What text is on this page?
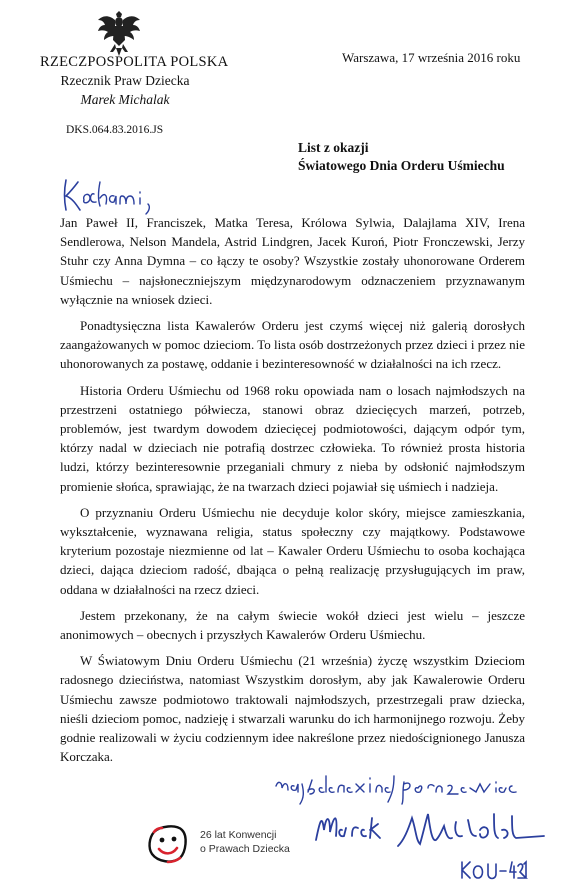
RZECZPOSPOLITA POLSKA
Rzecznik Praw Dziecka
Marek Michalak
DKS.064.83.2016.JS
Warszawa, 17 września 2016 roku
List z okazji
Światowego Dnia Orderu Uśmiechu

Jan Paweł II, Franciszek, Matka Teresa, Królowa Sylwia, Dalajlama XIV, Irena Sendlerowa, Nelson Mandela, Astrid Lindgren, Jacek Kuroń, Piotr Fronczewski, Jerzy Stuhr czy Anna Dymna – co łączy te osoby? Wszystkie zostały uhonorowane Orderem Uśmiechu – najsłoneczniejszym międzynarodowym odznaczeniem przyznawanym wyłącznie na wniosek dzieci.

Ponadtysięczna lista Kawalerów Orderu jest czymś więcej niż galerią dorosłych zaangażowanych w pomoc dzieciom. To lista osób dostrzeżonych przez dzieci i przez nie uhonorowanych za postawę, oddanie i bezinteresowność w działalności na ich rzecz.

Historia Orderu Uśmiechu od 1968 roku opowiada nam o losach najmłodszych na przestrzeni ostatniego półwiecza, stanowi obraz dziecięcych marzeń, potrzeb, problemów, jest twardym dowodem dziecięcej podmiotowości, dającym odpór tym, którzy nadal w dzieciach nie potrafią dostrzec człowieka. To również prosta historia ludzi, którzy bezinteresownie przeganiali chmury z nieba by odsłonić najmłodszym promienie słońca, sprawiając, że na twarzach dzieci pojawiał się uśmiech i nadzieja.

O przyznaniu Orderu Uśmiechu nie decyduje kolor skóry, miejsce zamieszkania, wykształcenie, wyznawana religia, status społeczny czy majątkowy. Podstawowe kryterium pozostaje niezmienne od lat – Kawaler Orderu Uśmiechu to osoba kochająca dzieci, dająca dzieciom radość, dbająca o pełną realizację przysługujących im praw, oddana w działalności na rzecz dzieci.

Jestem przekonany, że na całym świecie wokół dzieci jest wielu – jeszcze anonimowych – obecnych i przyszłych Kawalerów Orderu Uśmiechu.

W Światowym Dniu Orderu Uśmiechu (21 września) życzę wszystkim Dzieciom radosnego dzieciństwa, natomiast Wszystkim dorosłym, aby jak Kawalerowie Orderu Uśmiechu zawsze podmiotowo traktowali najmłodszych, przestrzegali praw dziecka, nieśli dzieciom pomoc, nadzieję i stwarzali warunku do ich harmonijnego rozwoju. Żeby godnie realizowali w życiu codziennym idee nakreślone przez niedoścignionego Janusza Korczaka.

26 lat Konwencji
o Prawach Dziecka
